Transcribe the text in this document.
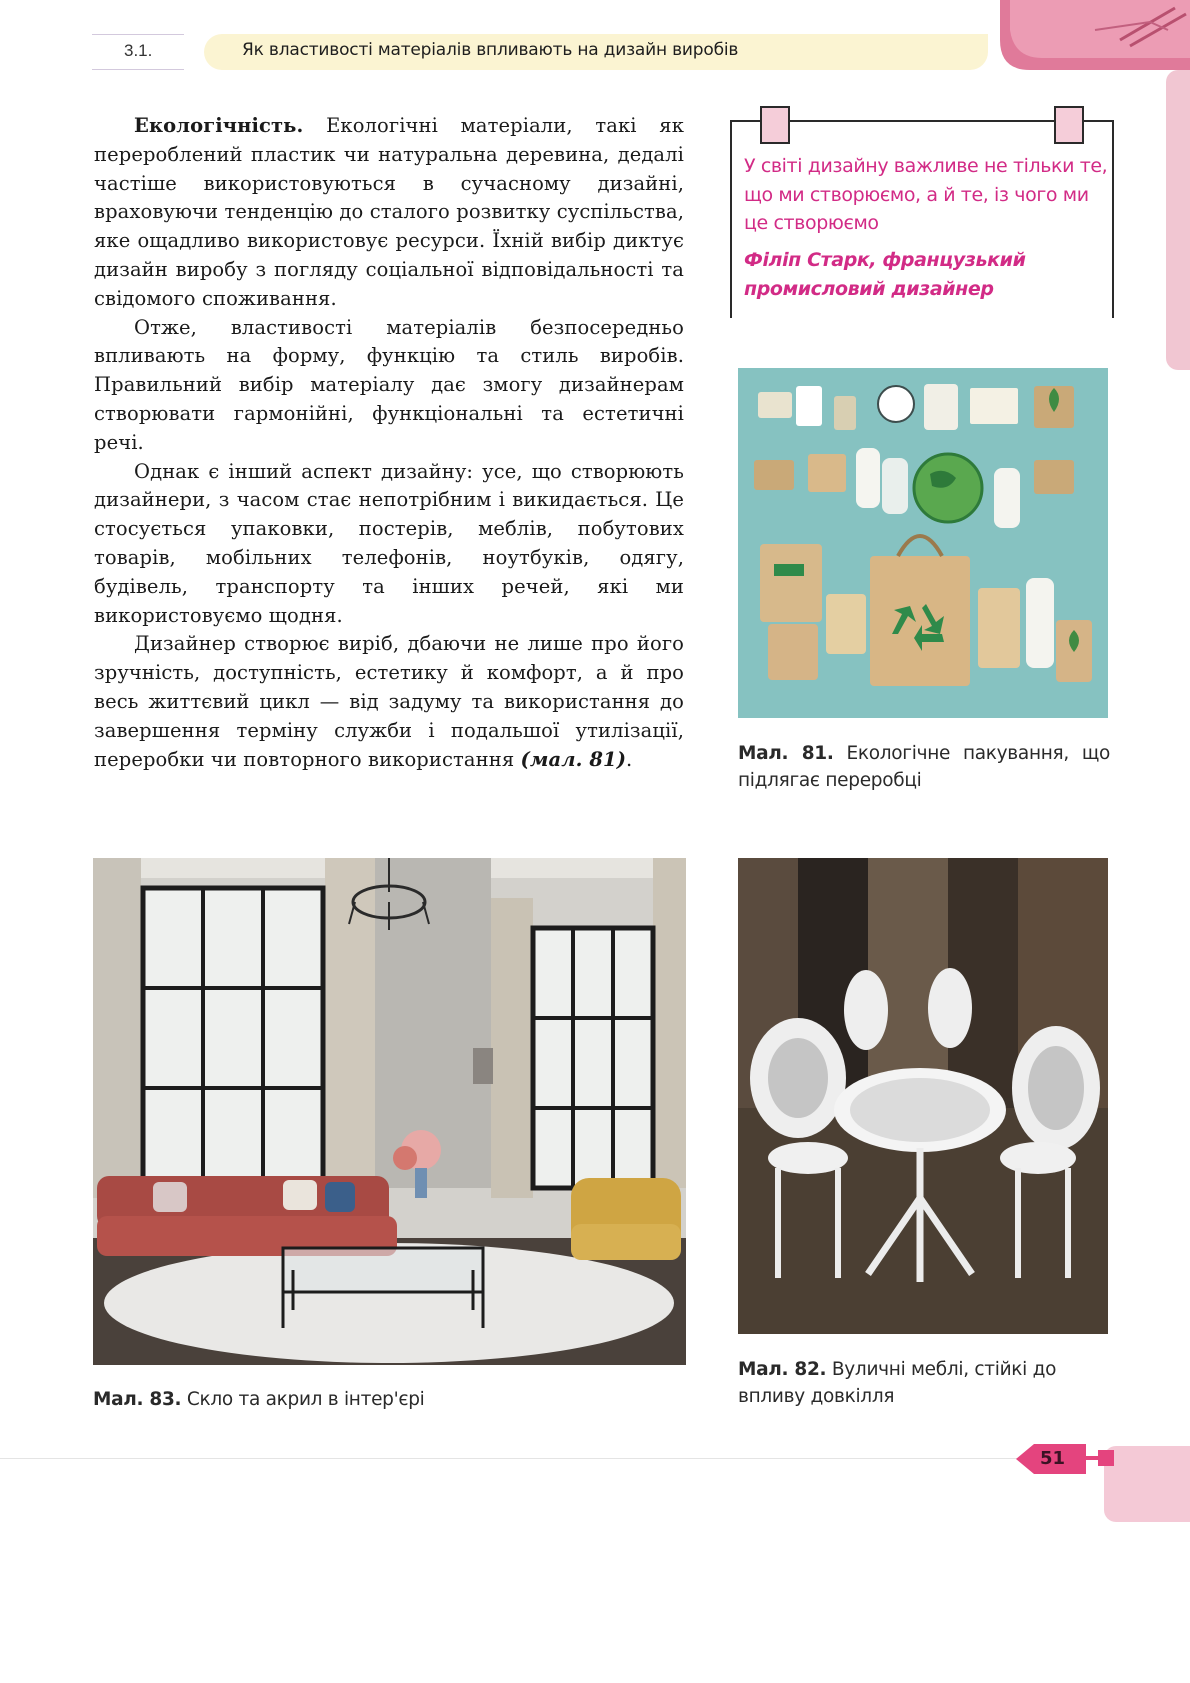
3.1.	Як властивості матеріалів впливають на дизайн виробів

Екологічність. Екологічні матеріали, такі як перероблений пластик чи натуральна деревина, дедалі частіше використовуються в сучасному дизайні, враховуючи тенденцію до сталого розвитку суспільства, яке ощадливо використовує ресурси. Їхній вибір диктує дизайн виробу з погляду соціальної відповідальності та свідомого споживання.

Отже, властивості матеріалів безпосередньо впливають на форму, функцію та стиль виробів. Правильний вибір матеріалу дає змогу дизайнерам створювати гармонійні, функціональні та естетичні речі.

Однак є інший аспект дизайну: усе, що створюють дизайнери, з часом стає непотрібним і викидається. Це стосується упаковки, постерів, меблів, побутових товарів, мобільних телефонів, ноутбуків, одягу, будівель, транспорту та інших речей, які ми використовуємо щодня.

Дизайнер створює виріб, дбаючи не лише про його зручність, доступність, естетику й комфорт, а й про весь життєвий цикл — від задуму та використання до завершення терміну служби і подальшої утилізації, переробки чи повторного використання (мал. 81).

У світі дизайну важливе не тільки те, що ми створюємо, а й те, із чого ми це створюємо
Філіп Старк, французький промисловий дизайнер
Мал. 81. Екологічне пакування, що підлягає переробці
Мал. 83. Скло та акрил в інтер'єрі
Мал. 82. Вуличні меблі, стійкі до впливу довкілля
51
